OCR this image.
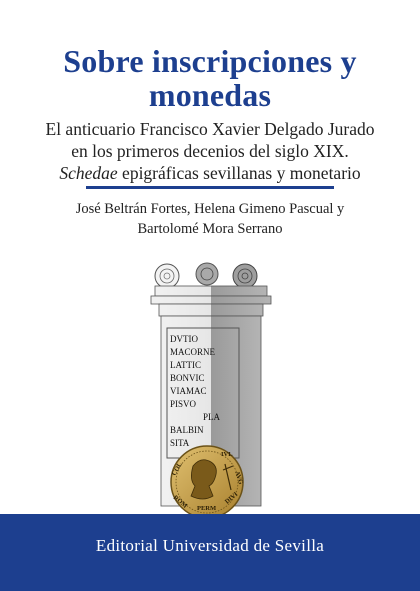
Sobre inscripciones y
monedas
El anticuario Francisco Xavier Delgado Jurado
en los primeros decenios del siglo XIX.
Schedae epigráficas sevillanas y monetario
José Beltrán Fortes, Helena Gimeno Pascual y
Bartolomé Mora Serrano
DVTIO
MACORNE
LATTIC
BONVIC
VIAMAC
PISVO
PLA
BALBIN
SITA
COL
IVL
AVG
ROM	DIVI
PERM
Editorial Universidad de Sevilla
